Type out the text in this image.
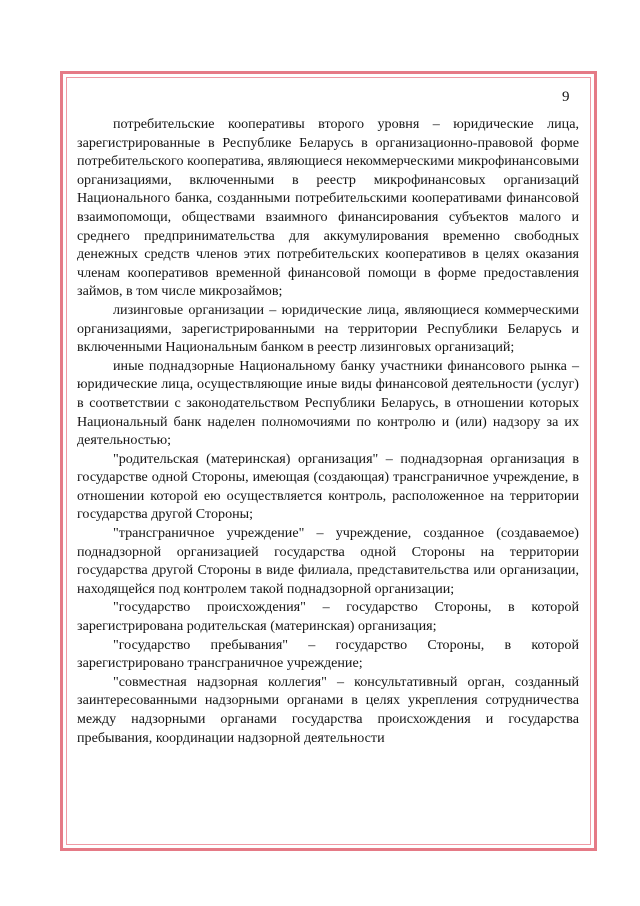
9

потребительские кооперативы второго уровня – юридические лица, зарегистрированные в Республике Беларусь в организационно-правовой форме потребительского кооператива, являющиеся некоммерческими микрофинансовыми организациями, включенными в реестр микрофинансовых организаций Национального банка, созданными потребительскими кооперативами финансовой взаимопомощи, обществами взаимного финансирования субъектов малого и среднего предпринимательства для аккумулирования временно свободных денежных средств членов этих потребительских кооперативов в целях оказания членам кооперативов временной финансовой помощи в форме предоставления займов, в том числе микрозаймов;

лизинговые организации – юридические лица, являющиеся коммерческими организациями, зарегистрированными на территории Республики Беларусь и включенными Национальным банком в реестр лизинговых организаций;

иные поднадзорные Национальному банку участники финансового рынка – юридические лица, осуществляющие иные виды финансовой деятельности (услуг) в соответствии с законодательством Республики Беларусь, в отношении которых Национальный банк наделен полномочиями по контролю и (или) надзору за их деятельностью;

"родительская (материнская) организация" – поднадзорная организация в государстве одной Стороны, имеющая (создающая) трансграничное учреждение, в отношении которой ею осуществляется контроль, расположенное на территории государства другой Стороны;

"трансграничное учреждение" – учреждение, созданное (создаваемое) поднадзорной организацией государства одной Стороны на территории государства другой Стороны в виде филиала, представительства или организации, находящейся под контролем такой поднадзорной организации;

"государство происхождения" – государство Стороны, в которой зарегистрирована родительская (материнская) организация;

"государство пребывания" – государство Стороны, в которой зарегистрировано трансграничное учреждение;

"совместная надзорная коллегия" – консультативный орган, созданный заинтересованными надзорными органами в целях укрепления сотрудничества между надзорными органами государства происхождения и государства пребывания, координации надзорной деятельности
